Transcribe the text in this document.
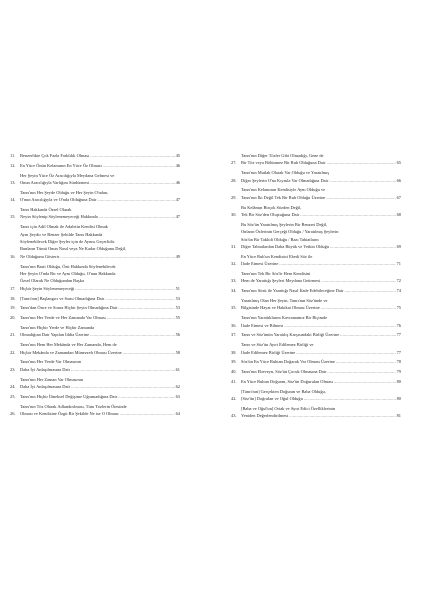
11.	Benzerlikte Çok Fazla Farklılık Olması .....	45
12.	En Yüce Önün Kelamının En Yüce Öz Olması .....	46
13.
Her Şeyin Yüce Öz Aracılığıyla Meydana Gelmesi ve
Onun Aracılığıyla Varlığını Sürdürmesi .....	46
14.
Tanrı'nın Her Şeyde Olduğu ve Her Şeyin O'ndan,
O'nun Aracılığıyla ve O'nda Olduğuna Dair .....	47
15.
Tanrı Hakkında Özsel Olarak
Neyin Söylenip Söylenemeyeceği Hakkında .....	47
16.
Tanrı için Adil Olmak ile Adaletin Kendisi Olmak
Aynı Şeydir ve Benzer Şekilde Tanrı Hakkında
Söylenebilecek Diğer Şeyler için de Aynısı Geçerlidir.
Bunların Tümü Onun Nasıl veya Ne Kadar Olduğunu Değil,
Ne Olduğunu Gösterir .....	49
17.
Tanrı'nın Basit Olduğu, Özü Hakkında Söylenebilecek
Her Şeyin O'nda Bir ve Aynı Olduğu, O'nun Hakkında
Özsel Olarak Ne Olduğundan Başka
Hiçbir Şeyin Söylenemeyeceği .....	51
18.	[Tanrı'nın] Başlangıcı ve Sonu Olmadığına Dair .....	53
19.	Tanrı'dan Önce ve Sonra Hiçbir Şeyin Olmadığına Dair .....	53
20.	Tanrı'nın Her Yerde ve Her Zamanda Var Olması .....	55
21.
Tanrı'nın Hiçbir Yerde ve Hiçbir Zamanda
Olmadığına Dair Yapılan İddia Üzerine .....	56
22.
Tanrı'nın Hem Her Mekânda ve Her Zamanda, Hem de
Hiçbir Mekânda ve Zamandan Münezzeh Olması Üzerine .....	58
23.
Tanrı'nın Her Yerde Var Olmasının
Daha İyi Anlaşılmasına Dair .....	61
24.
Tanrı'nın Her Zaman Var Olmasının
Daha İyi Anlaşılmasına Dair .....	62
25.	Tanrı'nın Hiçbir İlineksel Değişime Uğramadığına Dair .....	63
26.
Tanrı'nın Töz Olarak Adlandırılması, Tüm Tözlerin Ötesinde
Olması ve Kendisine Özgü Bir Şekilde Ne ise O Olması .....	64
27.
Tanrı'nın Diğer Tözler Gibi Olmadığı, Gene de
Bir Töz veya Bölünmez Bir Ruh Olduğuna Dair .....	65
28.
Tanrı'nın Mutlak Olarak Var Olduğu ve Yaratılmış
Diğer Şeylerin O'na Kıyasla Var Olmadığına Dair .....	66
29.
Tanrı'nın Kelamının Kendisiyle Aynı Olduğu ve
Tanrı'nın İki Değil Tek Bir Ruh Olduğu Üzerine .....	67
30.
Bu Kelâmın Birçok Sözden Değil,
Tek Bir Söz'den Oluştuğuna Dair .....	68
31.
Bu Söz'ün Yaratılmış Şeylerin Bir Benzeri Değil,
Onların Özlerinin Gerçeği Olduğu / Yaratılmış Şeylerin
Söz'ün Bir Taklidi Olduğu / Bazı Tabiatların
Diğer Tabiatlardan Daha Büyük ve Yetkin Olduğu .....	69
32.
En Yüce Ruh'un Kendisini Ebedi Söz ile
İfade Etmesi Üzerine .....	71
33.
Tanrı'nın Tek Bir Söz'le Hem Kendisini
Hem de Yarattığı Şeyleri Meydana Getirmesi .....	72
34.	Tanrı'nın Sözü ile Yarattığı Nasıl İfade Edebileceğine Dair .....	74
35.
Yaratılmış Olan Her Şeyin, Tanrı'nın Söz'ünde ve
Bilgisinde Hayat ve Hakikat Olması Üzerine .....	75
36.
Tanrı'nın Yarattıklarını Kavramamız Bir Biçimde
İfade Etmesi ve Bilmesi .....	76
37.	Tanrı ve Söz'ünün Yaratılış Karşısındaki Birliği Üzerine .....	77
38.
Tanrı ve Söz'ün Ayırt Edilemez Birliği ve
İfade Edilemez Birliği Üzerine .....	77
39.	Söz'ün En Yüce Ruhtan Doğarak Var Olması Üzerine .....	78
40.	Tanrı'nın Ebeveyn, Söz'ün Çocuk Olmasına Dair .....	79
41.	En Yüce Ruhun Doğuran, Söz'ün Doğurulan Olması .....	80
42.
[Tanrı'nın] Gerçekten Doğuran ve Baba Olduğu,
[Söz'ün] Doğrulan ve Oğul Olduğu .....	80
43.
[Baba ve Oğul'un] Ortak ve Ayırt Edici Özelliklerinin
Yeniden Değerlendirilmesi .....	81
